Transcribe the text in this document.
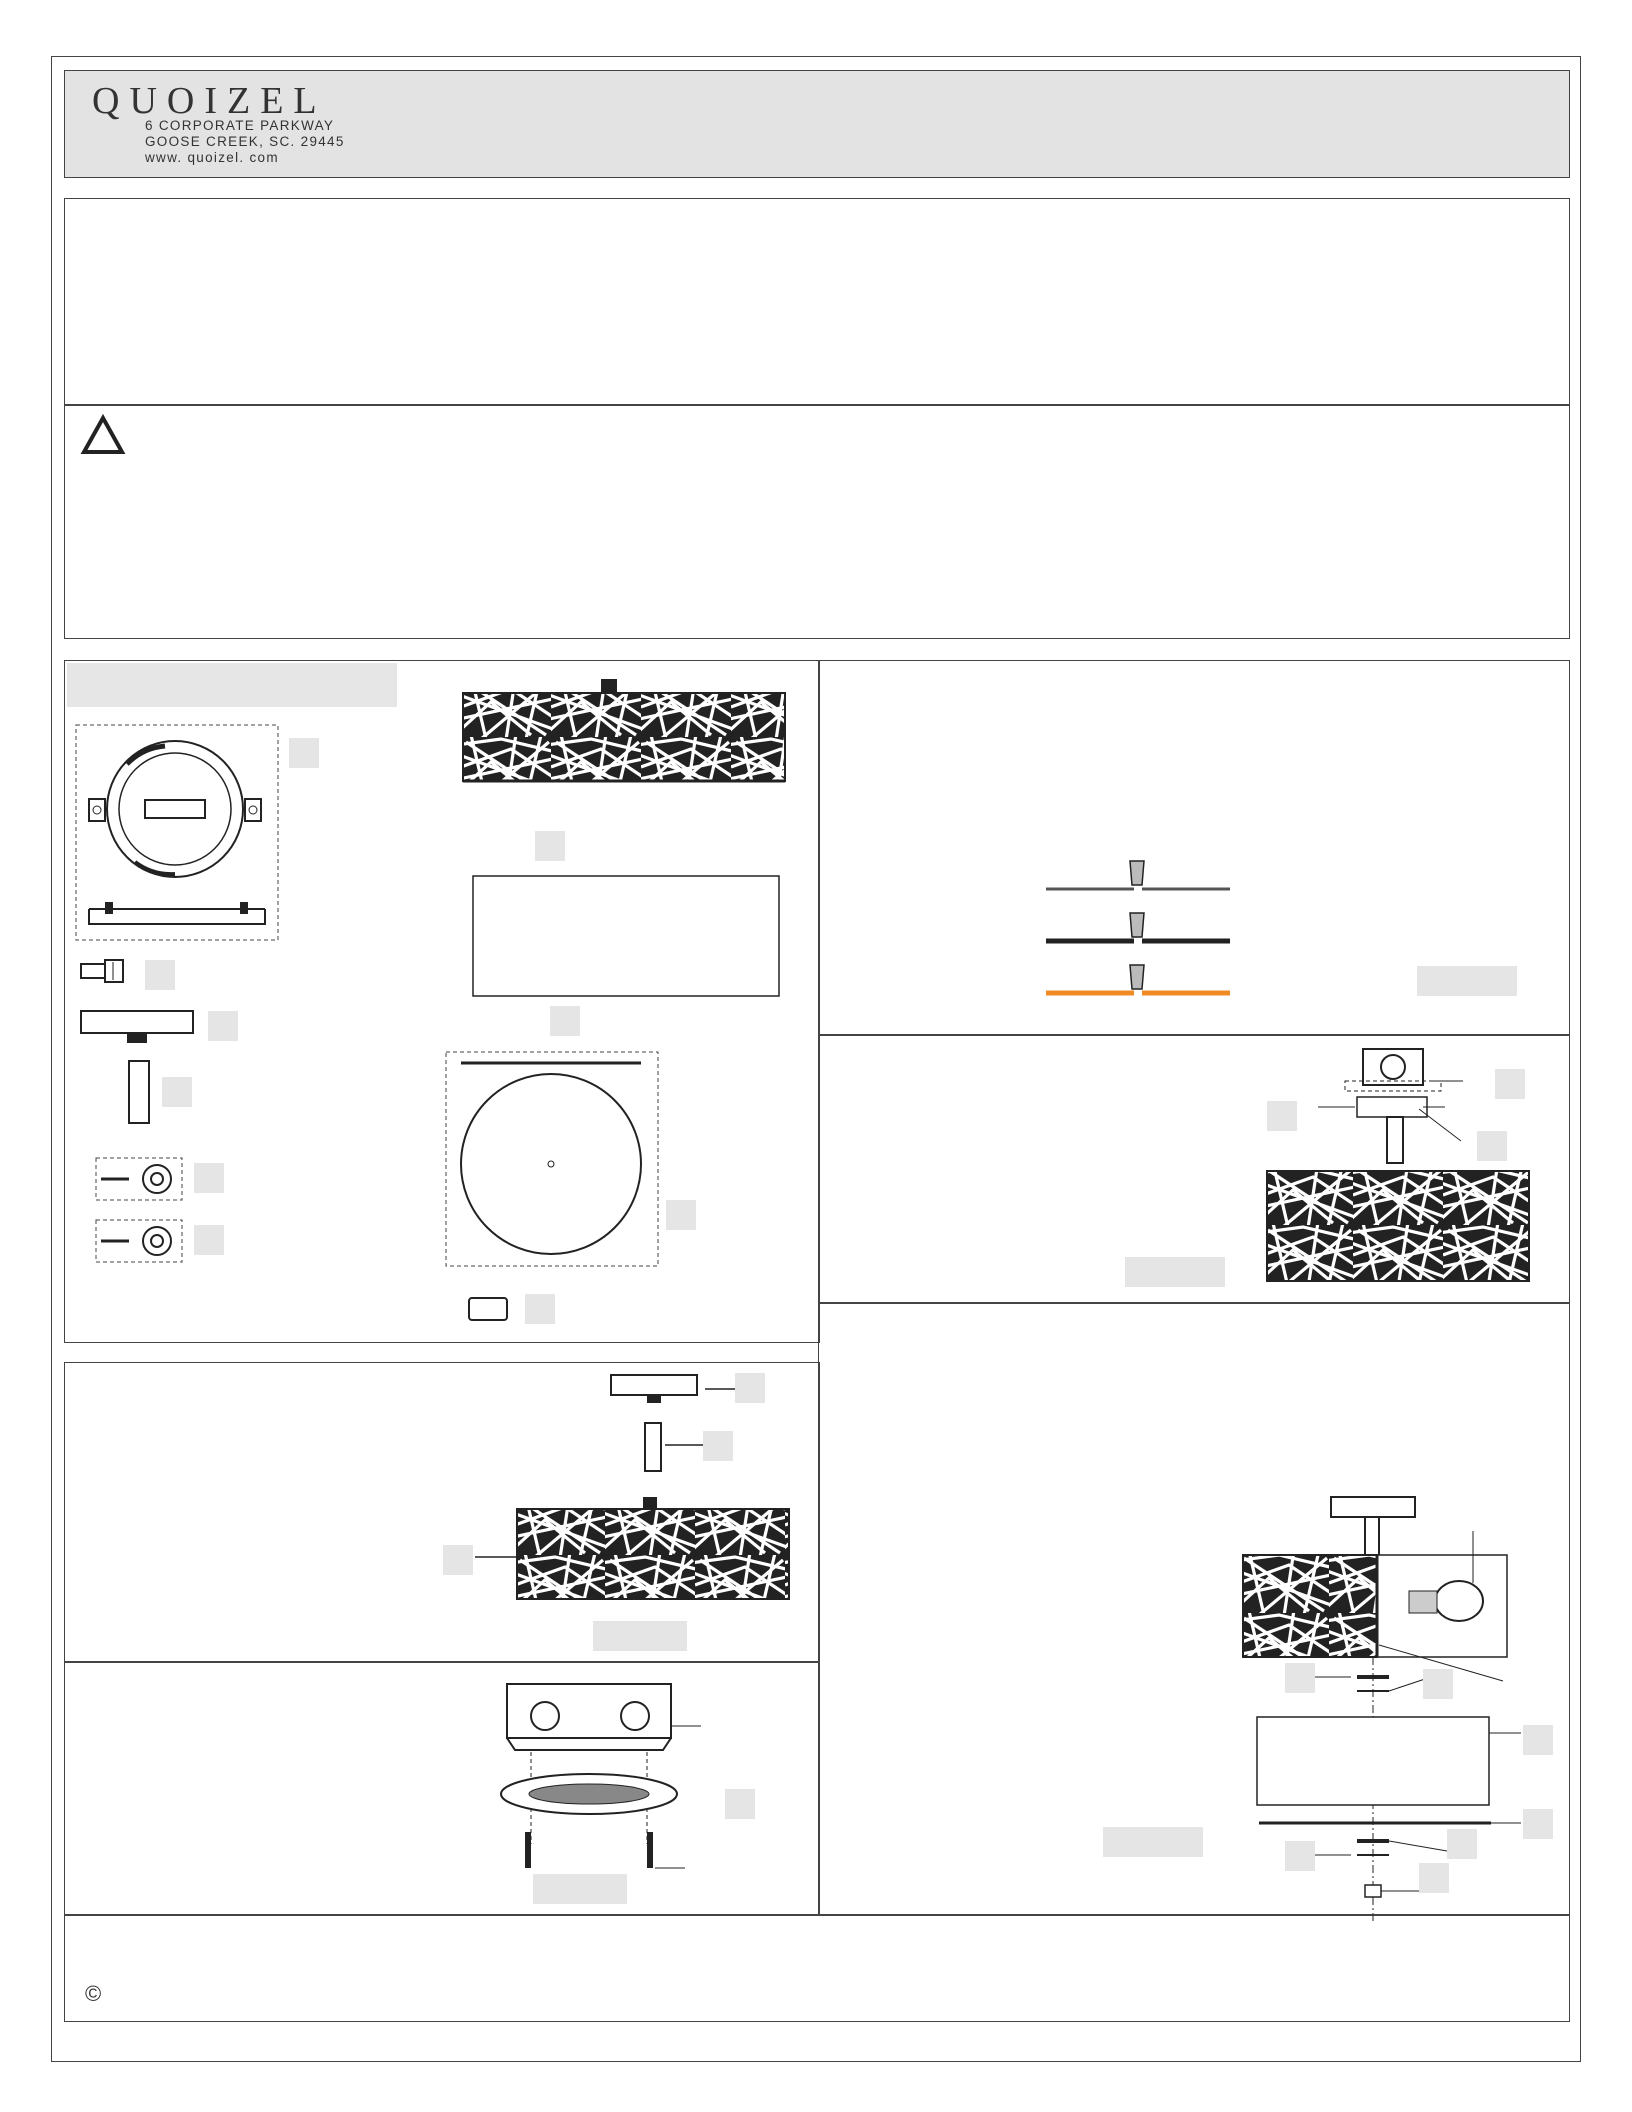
QUOIZEL
6 CORPORATE PARKWAY
GOOSE CREEK, SC. 29445
www. quoizel. com
©
